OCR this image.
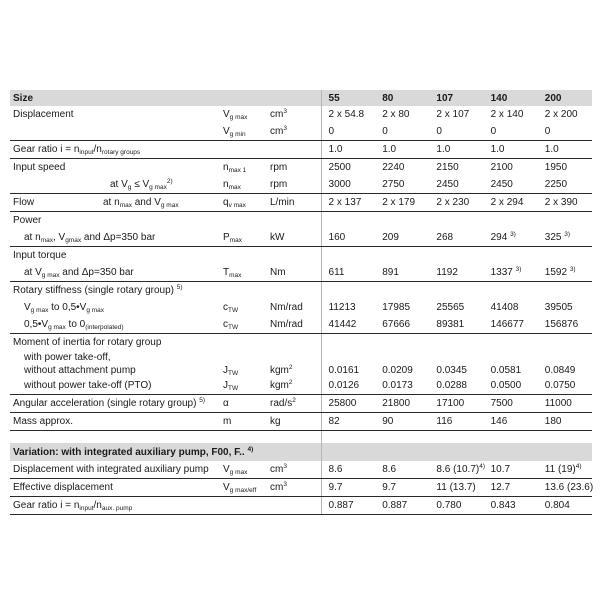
Size			55	80	107	140	200
Displacement	$V_{g max}$	$cm^3$	2 x 54.8	2 x 80	2 x 107	2 x 140	2 x 200
	$V_{g min}$	$cm^3$	0	0	0	0	0
Gear ratio $i = n_{input}/n_{rotary groups}$			1.0	1.0	1.0	1.0	1.0
Input speed	$n_{max 1}$	rpm	2500	2240	2150	2100	1950
at $V_g \le V_{g max}^{2)}$	$n_{max}$	rpm	3000	2750	2450	2450	2250
Flow at $n_{max}$ and $V_{g max}$	$q_{v max}$	L/min	2 x 137	2 x 179	2 x 230	2 x 294	2 x 390
Power							
at $n_{max}$, $V_{gmax}$ and Δp=350 bar	$P_{max}$	kW	160	209	268	294 $^{3)}$	325 $^{3)}$
Input torque							
at $V_{g max}$ and Δp=350 bar	$T_{max}$	Nm	611	891	1192	1337 $^{3)}$	1592 $^{3)}$
Rotary stiffness (single rotary group) $^{5)}$							
$V_{g max}$ to $0,5•V_{g max}$	$c_{TW}$	Nm/rad	11213	17985	25565	41408	39505
$0,5•V_{g max}$ to $0_{(interpolated)}$	$c_{TW}$	Nm/rad	41442	67666	89381	146677	156876
Moment of inertia for rotary group							
with power take-off,							
without attachment pump	$J_{TW}$	kgm$^2$	0.0161	0.0209	0.0345	0.0581	0.0849
without power take-off (PTO)	$J_{TW}$	kgm$^2$	0.0126	0.0173	0.0288	0.0500	0.0750
Angular acceleration (single rotary group) $^{5)}$	α	rad/$s^2$	25800	21800	17100	7500	11000
Mass approx.	m	kg	82	90	116	146	180

Variation: with integrated auxiliary pump, F00, F.. $^{4)}$					
Displacement with integrated auxiliary pump	$V_{g max}$	$cm^3$	8.6	8.6	8.6 $(10.7)^{4)}$	10.7	11 $(19)^{4)}$
Effective displacement	$V_{g max/eff}$	$cm^3$	9.7	9.7	11 (13.7)	12.7	13.6 (23.6)
Gear ratio $i = n_{input}/n_{aux. pump}$			0.887	0.887	0.780	0.843	0.804
